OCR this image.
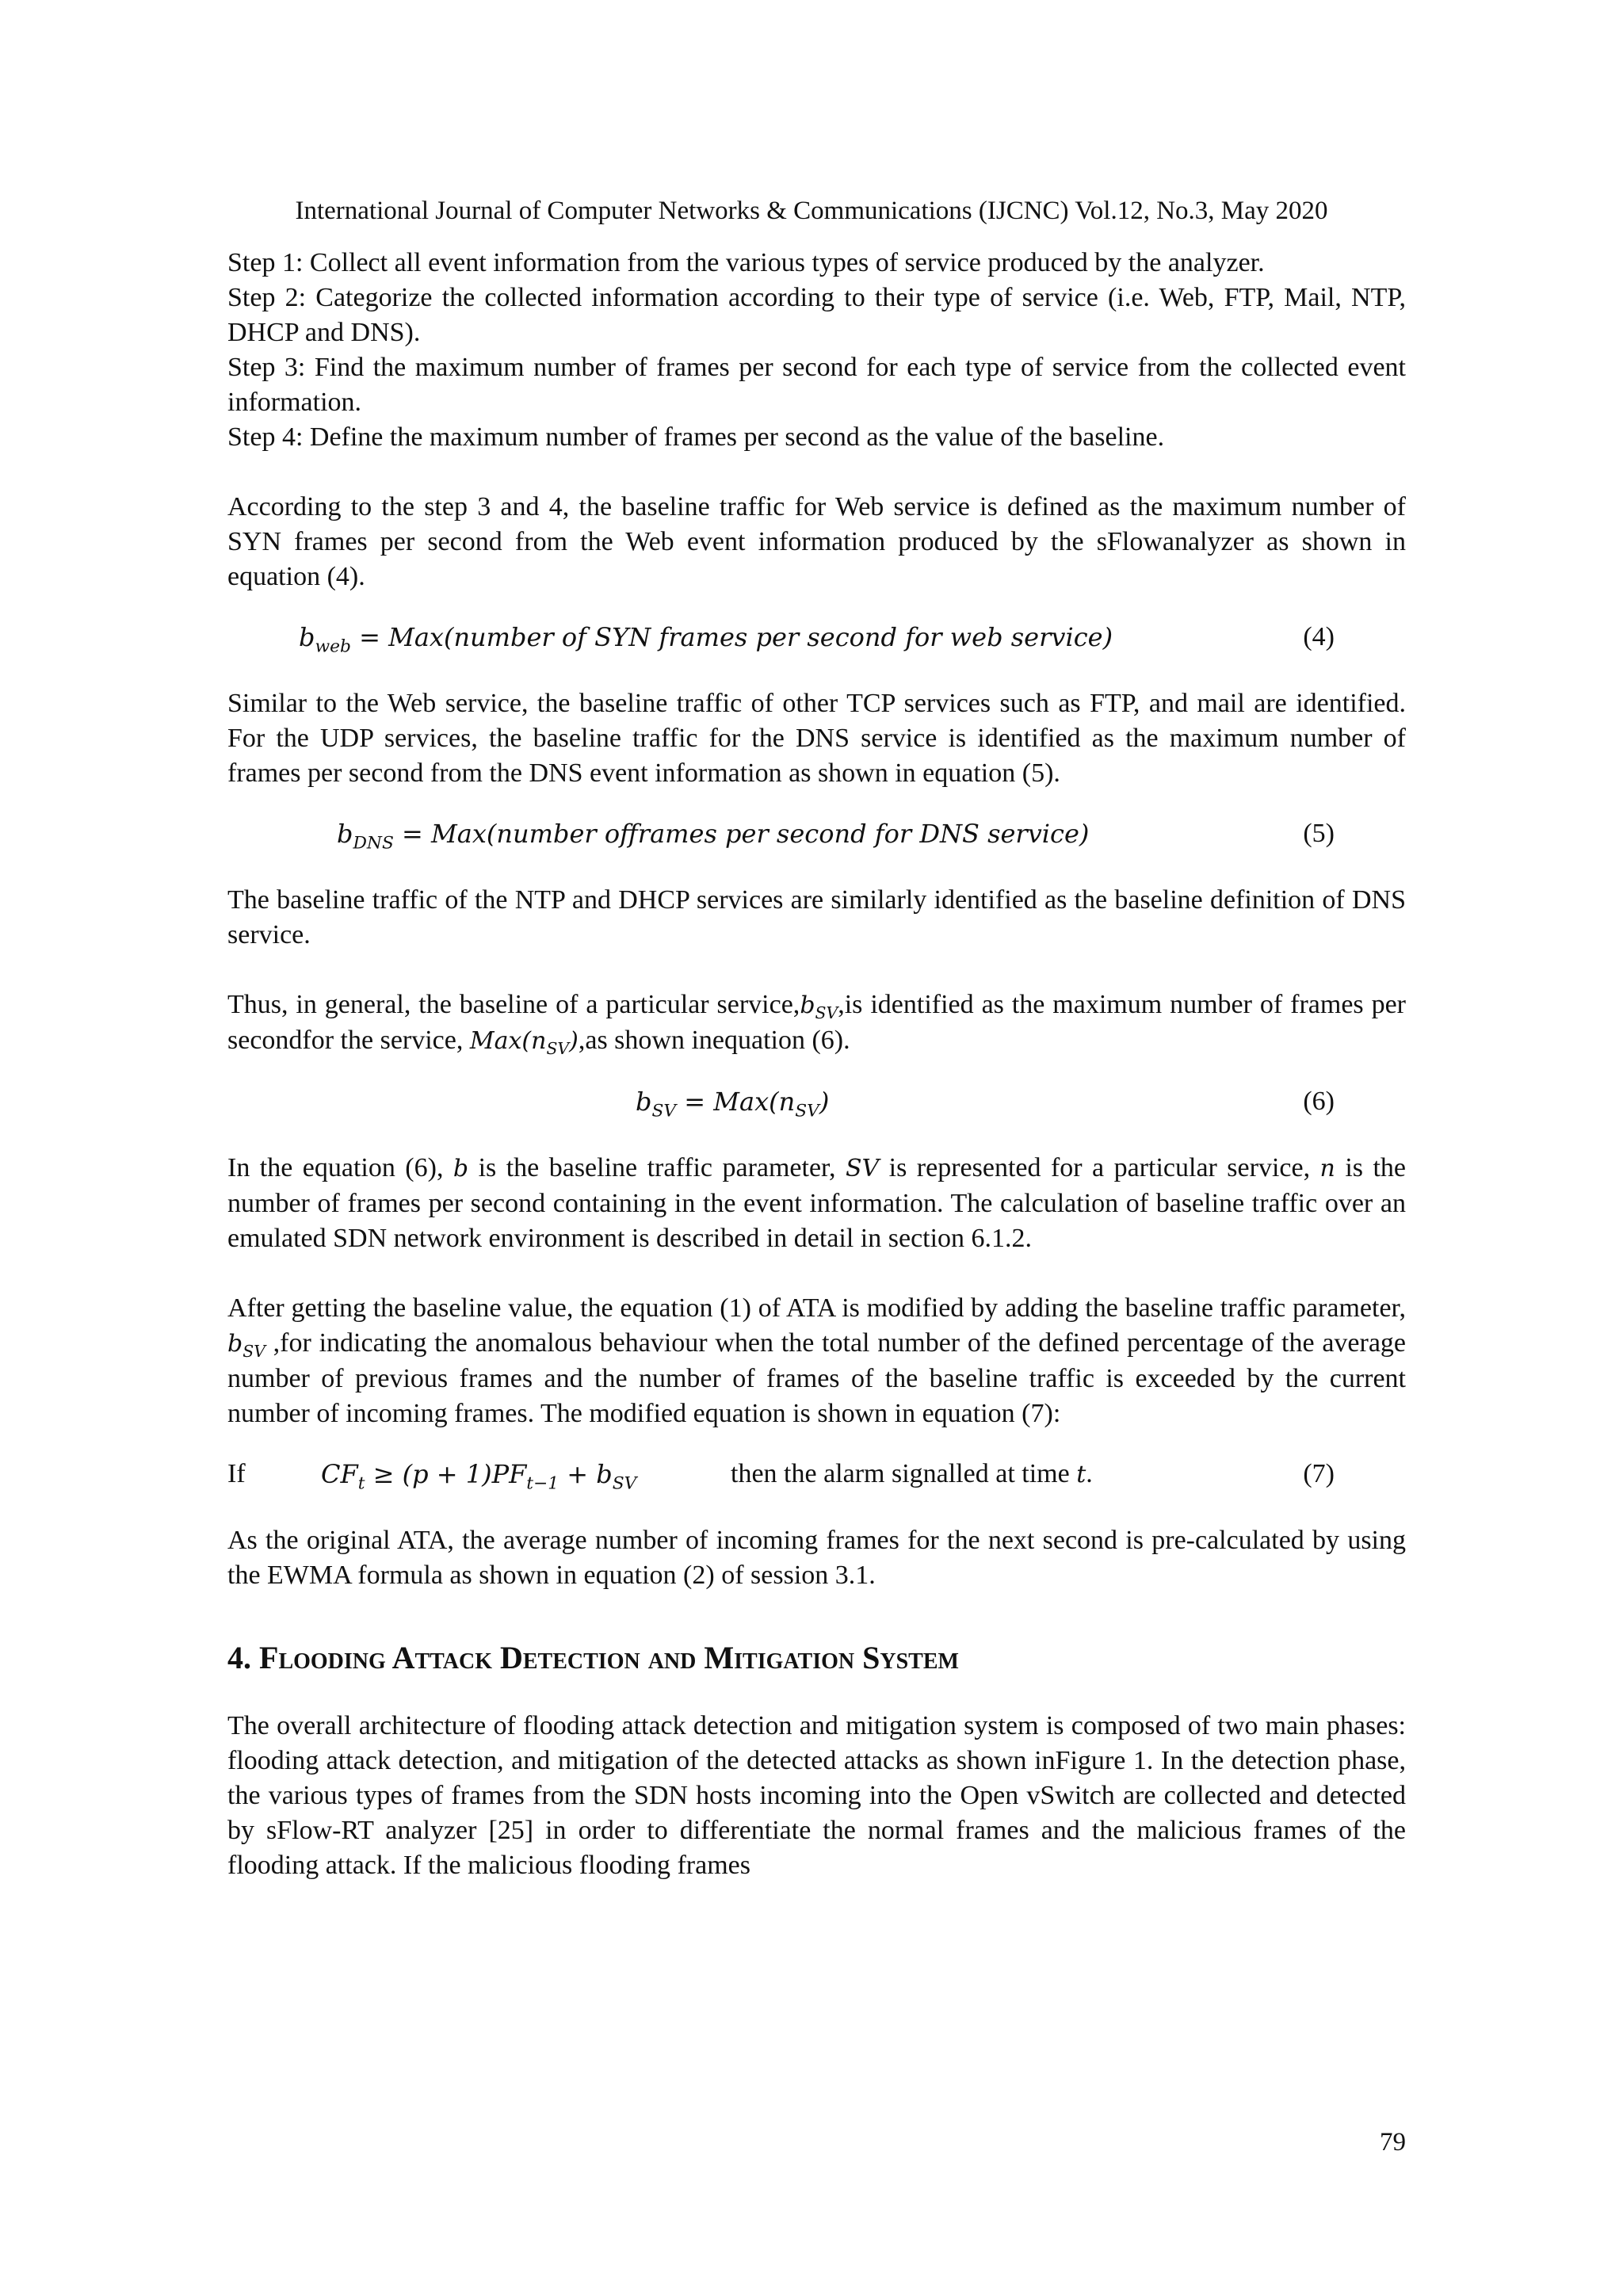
International Journal of Computer Networks & Communications (IJCNC) Vol.12, No.3, May 2020

Step 1: Collect all event information from the various types of service produced by the analyzer.

Step 2: Categorize the collected information according to their type of service (i.e. Web, FTP, Mail, NTP, DHCP and DNS).

Step 3: Find the maximum number of frames per second for each type of service from the collected event information.

Step 4: Define the maximum number of frames per second as the value of the baseline.

According to the step 3 and 4, the baseline traffic for Web service is defined as the maximum number of SYN frames per second from the Web event information produced by the sFlowanalyzer as shown in equation (4).

$b_{web}$ = Max(number of SYN frames per second for web service)	(4)

Similar to the Web service, the baseline traffic of other TCP services such as FTP, and mail are identified. For the UDP services, the baseline traffic for the DNS service is identified as the maximum number of frames per second from the DNS event information as shown in equation (5).

$b_{DNS}$ = Max(number offrames per second for DNS service)	(5)

The baseline traffic of the NTP and DHCP services are similarly identified as the baseline definition of DNS service.

Thus, in general, the baseline of a particular $service,b_{SV},is$ identified as the maximum number of frames per secondfor the service, $Max(n_{SV}),as$ shown inequation (6).

$b_{SV} = Max(n_{SV})$	(6)

In the equation (6), b is the baseline traffic parameter, SV is represented for a particular service, n is the number of frames per second containing in the event information. The calculation of baseline traffic over an emulated SDN network environment is described in detail in section 6.1.2.

After getting the baseline value, the equation (1) of ATA is modified by adding the baseline traffic parameter, $b_{SV}$ ,for indicating the anomalous behaviour when the total number of the defined percentage of the average number of previous frames and the number of frames of the baseline traffic is exceeded by the current number of incoming frames. The modified equation is shown in equation (7):

If	$CF_t \ge (p + 1)PF_{t-1} + b_{SV}$	then the alarm signalled at time t.	(7)

As the original ATA, the average number of incoming frames for the next second is pre-calculated by using the EWMA formula as shown in equation (2) of session 3.1.

4. Flooding Attack Detection and Mitigation System

The overall architecture of flooding attack detection and mitigation system is composed of two main phases: flooding attack detection, and mitigation of the detected attacks as shown inFigure 1. In the detection phase, the various types of frames from the SDN hosts incoming into the Open vSwitch are collected and detected by sFlow-RT analyzer [25] in order to differentiate the normal frames and the malicious frames of the flooding attack. If the malicious flooding frames

79
